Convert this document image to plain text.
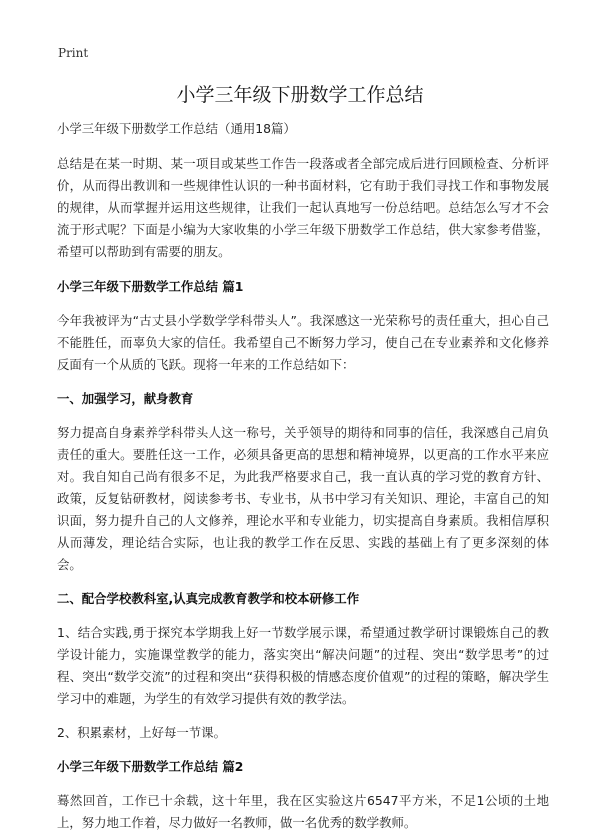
Print
小学三年级下册数学工作总结

小学三年级下册数学工作总结（通用18篇）

总结是在某一时期、某一项目或某些工作告一段落或者全部完成后进行回顾检查、分析评价，从而得出教训和一些规律性认识的一种书面材料，它有助于我们寻找工作和事物发展的规律，从而掌握并运用这些规律，让我们一起认真地写一份总结吧。总结怎么写才不会流于形式呢？下面是小编为大家收集的小学三年级下册数学工作总结，供大家参考借鉴，希望可以帮助到有需要的朋友。

小学三年级下册数学工作总结 篇1

今年我被评为“古丈县小学数学学科带头人”。我深感这一光荣称号的责任重大，担心自己不能胜任，而辜负大家的信任。我希望自己不断努力学习，使自己在专业素养和文化修养反面有一个从质的飞跃。现将一年来的工作总结如下：

一、加强学习，献身教育

努力提高自身素养学科带头人这一称号，关乎领导的期待和同事的信任，我深感自己肩负责任的重大。要胜任这一工作，必须具备更高的思想和精神境界，以更高的工作水平来应对。我自知自己尚有很多不足，为此我严格要求自己，我一直认真的学习党的教育方针、政策，反复钻研教材，阅读参考书、专业书，从书中学习有关知识、理论，丰富自己的知识面，努力提升自己的人文修养，理论水平和专业能力，切实提高自身素质。我相信厚积从而薄发，理论结合实际，也让我的教学工作在反思、实践的基础上有了更多深刻的体会。

二、配合学校教科室,认真完成教育教学和校本研修工作

1、结合实践,勇于探究本学期我上好一节数学展示课，希望通过教学研讨课锻炼自己的教学设计能力，实施课堂教学的能力，落实突出“解决问题”的过程、突出“数学思考”的过程、突出“数学交流”的过程和突出“获得积极的情感态度价值观”的过程的策略，解决学生学习中的难题，为学生的有效学习提供有效的教学法。

2、积累素材，上好每一节课。

小学三年级下册数学工作总结 篇2

蓦然回首，工作已十余载，这十年里，我在区实验这片6547平方米，不足1公顷的土地上，努力地工作着，尽力做好一名教师，做一名优秀的数学教师。
